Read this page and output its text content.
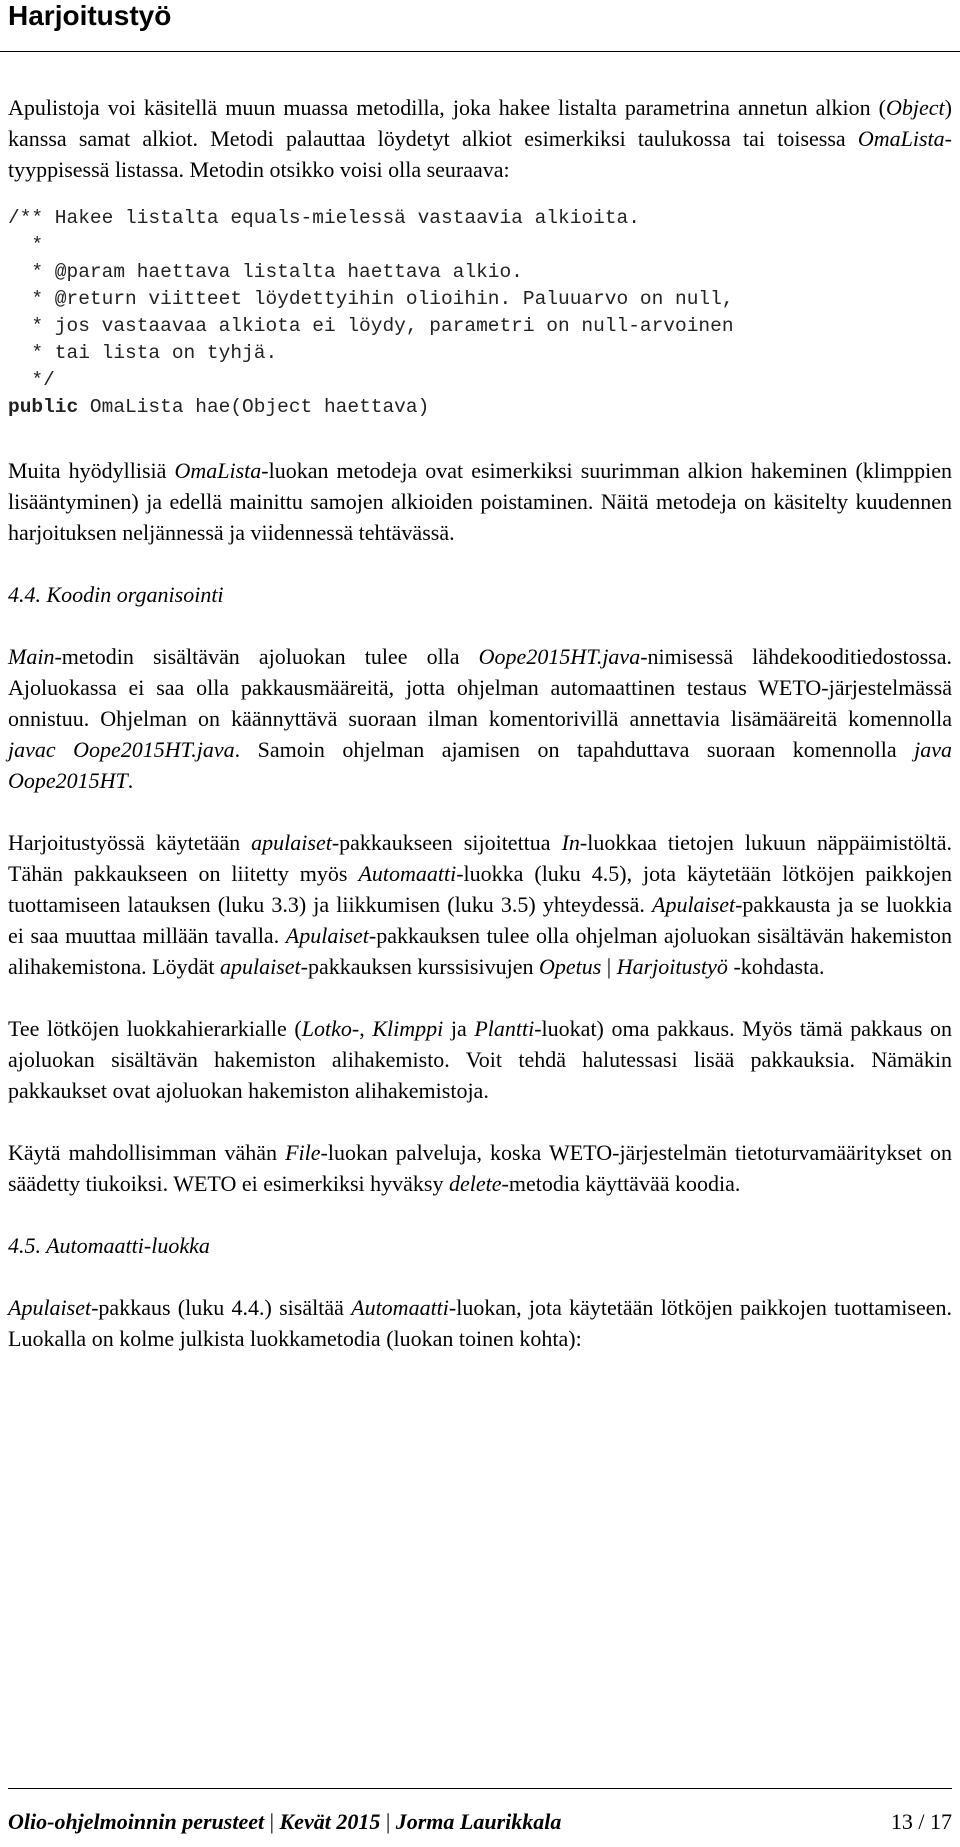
Harjoitustyö

Apulistoja voi käsitellä muun muassa metodilla, joka hakee listalta parametrina annetun alkion (Object) kanssa samat alkiot. Metodi palauttaa löydetyt alkiot esimerkiksi taulukossa tai toisessa OmaLista-tyyppisessä listassa. Metodin otsikko voisi olla seuraava:

/** Hakee listalta equals-mielessä vastaavia alkioita.
*
* @param haettava listalta haettava alkio.
* @return viitteet löydettyihin olioihin. Paluuarvo on null,
* jos vastaavaa alkiota ei löydy, parametri on null-arvoinen
* tai lista on tyhjä.
*/
public OmaLista hae(Object haettava)

Muita hyödyllisiä OmaLista-luokan metodeja ovat esimerkiksi suurimman alkion hakeminen (klimppien lisääntyminen) ja edellä mainittu samojen alkioiden poistaminen. Näitä metodeja on käsitelty kuudennen harjoituksen neljännessä ja viidennessä tehtävässä.

4.4. Koodin organisointi

Main-metodin sisältävän ajoluokan tulee olla Oope2015HT.java-nimisessä lähdekooditiedostossa. Ajoluokassa ei saa olla pakkausmääreitä, jotta ohjelman automaattinen testaus WETO-järjestelmässä onnistuu. Ohjelman on käännyttävä suoraan ilman komentorivillä annettavia lisämääreitä komennolla javac Oope2015HT.java. Samoin ohjelman ajamisen on tapahduttava suoraan komennolla java Oope2015HT.

Harjoitustyössä käytetään apulaiset-pakkaukseen sijoitettua In-luokkaa tietojen lukuun näppäimistöltä. Tähän pakkaukseen on liitetty myös Automaatti-luokka (luku 4.5), jota käytetään lötköjen paikkojen tuottamiseen latauksen (luku 3.3) ja liikkumisen (luku 3.5) yhteydessä. Apulaiset-pakkausta ja se luokkia ei saa muuttaa millään tavalla. Apulaiset-pakkauksen tulee olla ohjelman ajoluokan sisältävän hakemiston alihakemistona. Löydät apulaiset-pakkauksen kurssisivujen Opetus | Harjoitustyö -kohdasta.

Tee lötköjen luokkahierarkialle (Lotko-, Klimppi ja Plantti-luokat) oma pakkaus. Myös tämä pakkaus on ajoluokan sisältävän hakemiston alihakemisto. Voit tehdä halutessasi lisää pakkauksia. Nämäkin pakkaukset ovat ajoluokan hakemiston alihakemistoja.

Käytä mahdollisimman vähän File-luokan palveluja, koska WETO-järjestelmän tietoturvamääritykset on säädetty tiukoiksi. WETO ei esimerkiksi hyväksy delete-metodia käyttävää koodia.

4.5. Automaatti-luokka

Apulaiset-pakkaus (luku 4.4.) sisältää Automaatti-luokan, jota käytetään lötköjen paikkojen tuottamiseen. Luokalla on kolme julkista luokkametodia (luokan toinen kohta):

Olio-ohjelmoinnin perusteet | Kevät 2015 | Jorma Laurikkala	13 / 17
